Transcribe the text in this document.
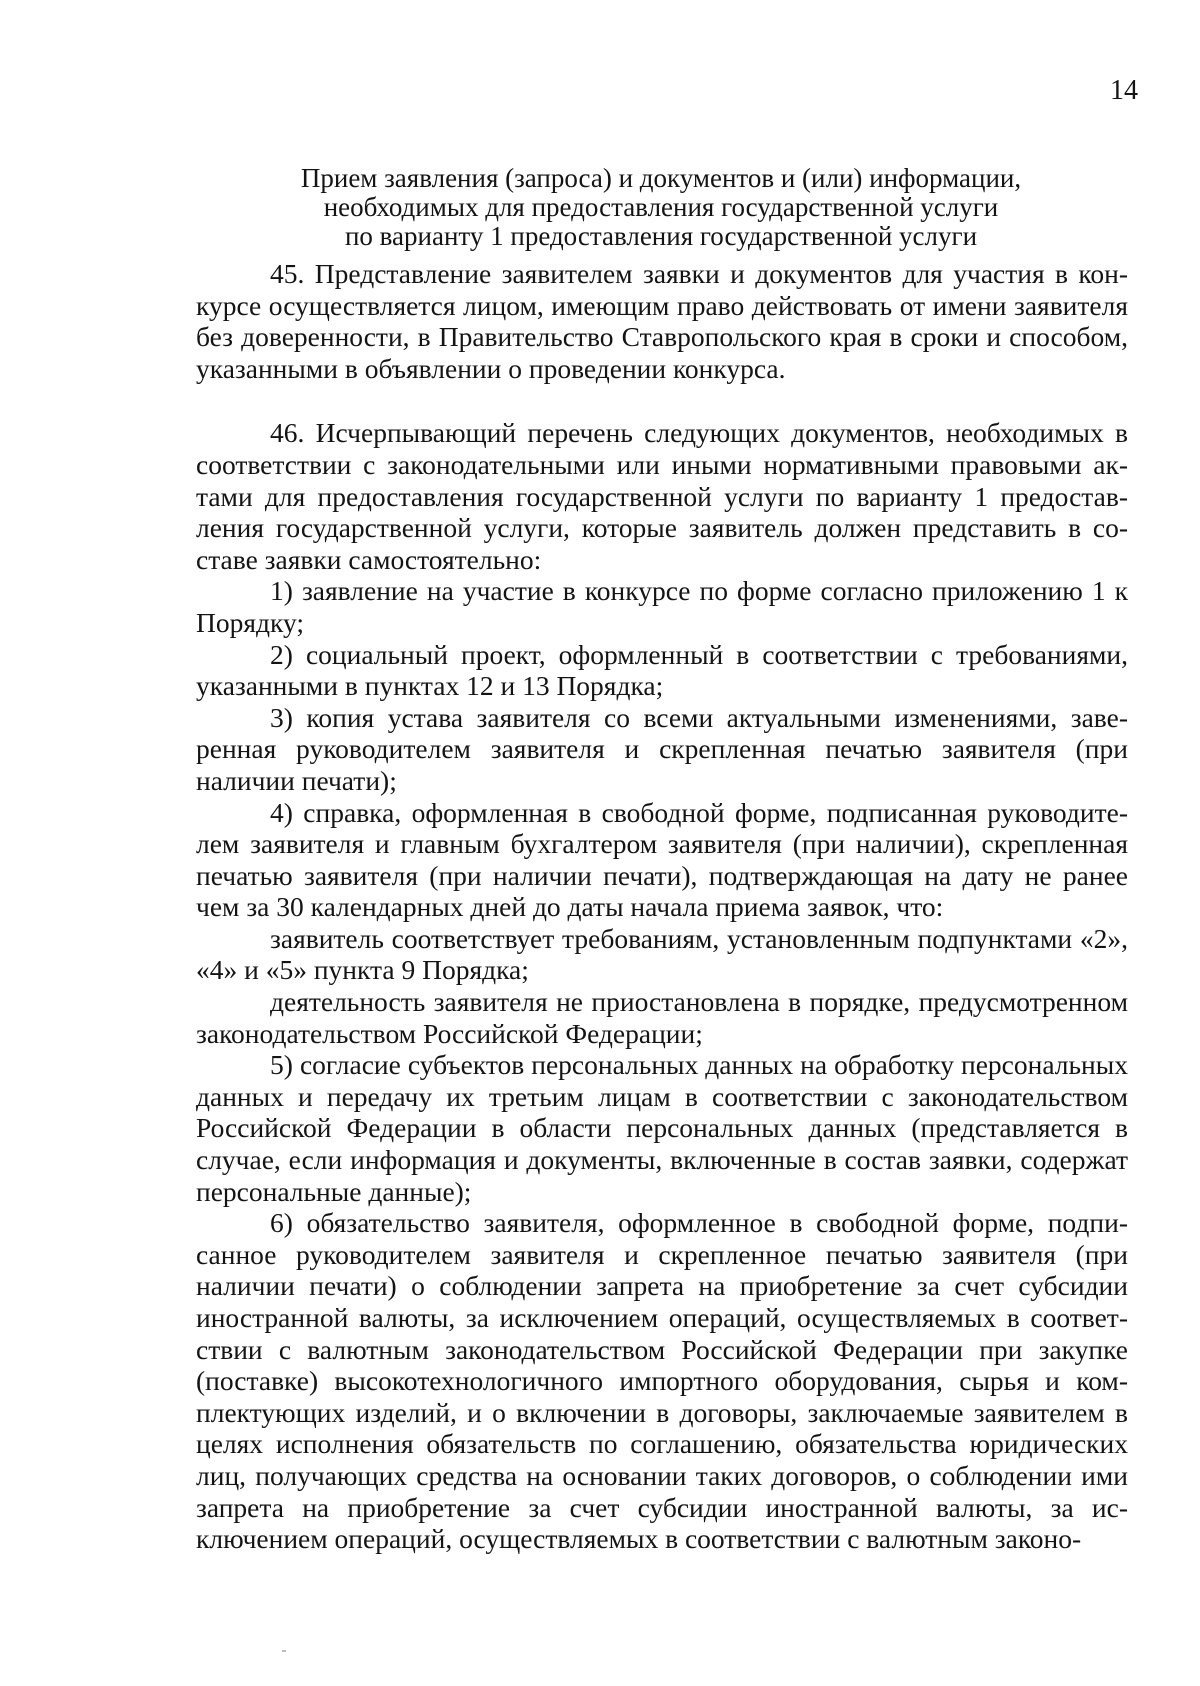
14
Прием заявления (запроса) и документов и (или) информации,
необходимых для предоставления государственной услуги
по варианту 1 предоставления государственной услуги

45. Представление заявителем заявки и документов для участия в конкурсе осуществляется лицом, имеющим право действовать от имени заявителя без доверенности, в Правительство Ставропольского края в сроки и способом, указанными в объявлении о проведении конкурса.

46. Исчерпывающий перечень следующих документов, необходимых в соответствии с законодательными или иными нормативными правовыми актами для предоставления государственной услуги по варианту 1 предоставления государственной услуги, которые заявитель должен представить в составе заявки самостоятельно:

1) заявление на участие в конкурсе по форме согласно приложению 1 к Порядку;

2) социальный проект, оформленный в соответствии с требованиями, указанными в пунктах 12 и 13 Порядка;

3) копия устава заявителя со всеми актуальными изменениями, заверенная руководителем заявителя и скрепленная печатью заявителя (при наличии печати);

4) справка, оформленная в свободной форме, подписанная руководителем заявителя и главным бухгалтером заявителя (при наличии), скрепленная печатью заявителя (при наличии печати), подтверждающая на дату не ранее чем за 30 календарных дней до даты начала приема заявок, что:

заявитель соответствует требованиям, установленным подпунктами «2», «4» и «5» пункта 9 Порядка;

деятельность заявителя не приостановлена в порядке, предусмотренном законодательством Российской Федерации;

5) согласие субъектов персональных данных на обработку персональных данных и передачу их третьим лицам в соответствии с законодательством Российской Федерации в области персональных данных (представляется в случае, если информация и документы, включенные в состав заявки, содержат персональные данные);

6) обязательство заявителя, оформленное в свободной форме, подписанное руководителем заявителя и скрепленное печатью заявителя (при наличии печати) о соблюдении запрета на приобретение за счет субсидии иностранной валюты, за исключением операций, осуществляемых в соответствии с валютным законодательством Российской Федерации при закупке (поставке) высокотехнологичного импортного оборудования, сырья и комплектующих изделий, и о включении в договоры, заключаемые заявителем в целях исполнения обязательств по соглашению, обязательства юридических лиц, получающих средства на основании таких договоров, о соблюдении ими запрета на приобретение за счет субсидии иностранной валюты, за исключением операций, осуществляемых в соответствии с валютным законо-
